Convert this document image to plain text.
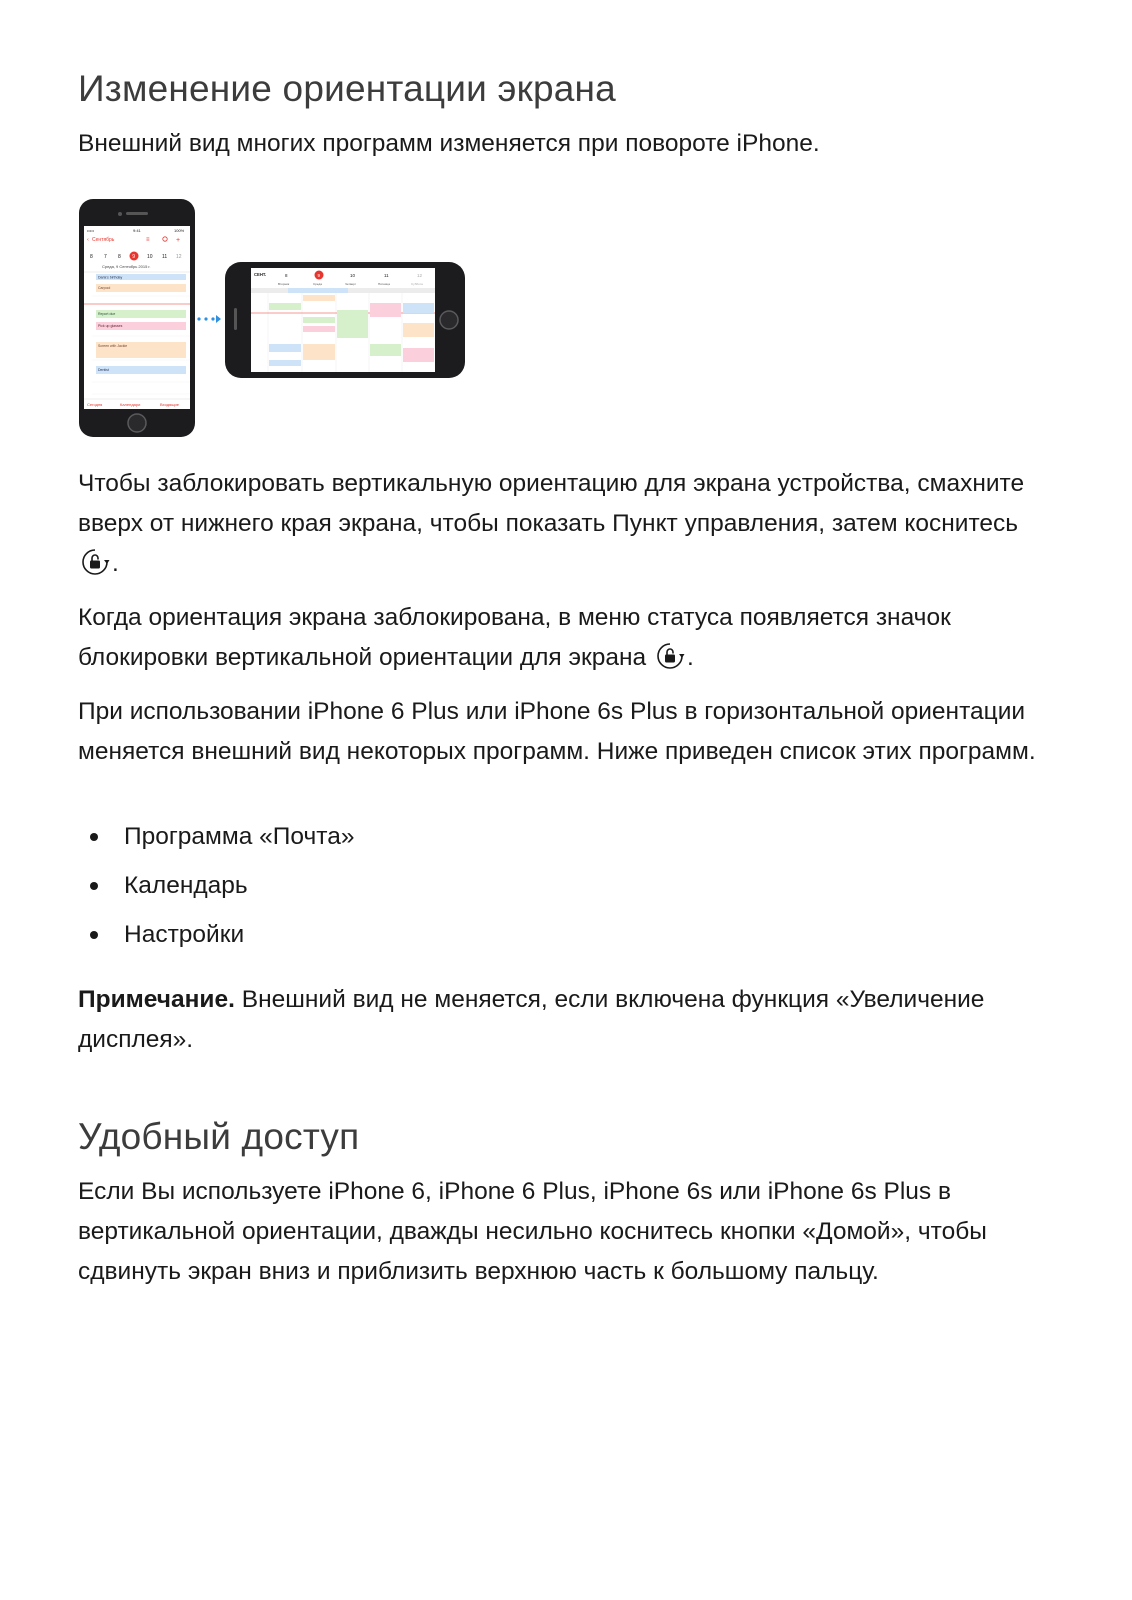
Изменение ориентации экрана

Внешний вид многих программ изменяется при повороте iPhone.

•••••	9:41	100%
‹ Сентябрь	≡	+
8 7 8 9 10 11 12
Среда, 9 Сентябрь 2015 г.
Darla's birthday
Carpool
Report due
Pick up glasses
Screen with Jackie
Dentist
Сегодня	Календари	Входящие
СЕНТ.	8	9	10	11	12
Вторник	Среда	Четверг	Пятница	Суббота

Чтобы заблокировать вертикальную ориентацию для экрана устройства, смахните вверх от нижнего края экрана, чтобы показать Пункт управления, затем коснитесь .

Когда ориентация экрана заблокирована, в меню статуса появляется значок блокировки вертикальной ориентации для экрана .

При использовании iPhone 6 Plus или iPhone 6s Plus в горизонтальной ориентации меняется внешний вид некоторых программ. Ниже приведен список этих программ.

Программа «Почта»
Календарь
Настройки

Примечание. Внешний вид не меняется, если включена функция «Увеличение дисплея».

Удобный доступ

Если Вы используете iPhone 6, iPhone 6 Plus, iPhone 6s или iPhone 6s Plus в вертикальной ориентации, дважды несильно коснитесь кнопки «Домой», чтобы сдвинуть экран вниз и приблизить верхнюю часть к большому пальцу.
